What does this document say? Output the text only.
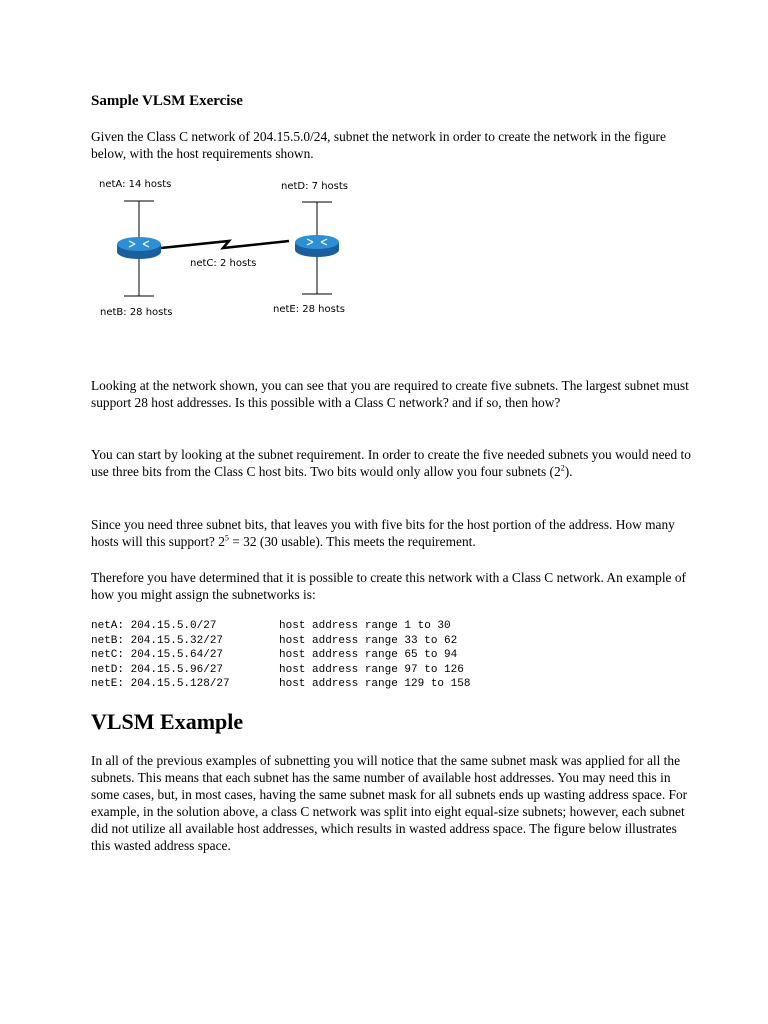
Sample VLSM Exercise

Given the Class C network of 204.15.5.0/24, subnet the network in order to create the network in the figure below, with the host requirements shown.

netA: 14 hosts	netD: 7 hosts
netC: 2 hosts
netB: 28 hosts	netE: 28 hosts

Looking at the network shown, you can see that you are required to create five subnets. The largest subnet must support 28 host addresses. Is this possible with a Class C network? and if so, then how?

You can start by looking at the subnet requirement. In order to create the five needed subnets you would need to use three bits from the Class C host bits. Two bits would only allow you four subnets $(2^2)$.

Since you need three subnet bits, that leaves you with five bits for the host portion of the address. How many hosts will this support? $2^5 = 32$ (30 usable). This meets the requirement.

Therefore you have determined that it is possible to create this network with a Class C network. An example of how you might assign the subnetworks is:

netA: 204.15.5.0/27	host address range 1 to 30
netB: 204.15.5.32/27	host address range 33 to 62
netC: 204.15.5.64/27	host address range 65 to 94
netD: 204.15.5.96/27	host address range 97 to 126
netE: 204.15.5.128/27	host address range 129 to 158
VLSM Example

In all of the previous examples of subnetting you will notice that the same subnet mask was applied for all the subnets. This means that each subnet has the same number of available host addresses. You may need this in some cases, but, in most cases, having the same subnet mask for all subnets ends up wasting address space. For example, in the solution above, a class C network was split into eight equal-size subnets; however, each subnet did not utilize all available host addresses, which results in wasted address space. The figure below illustrates this wasted address space.
